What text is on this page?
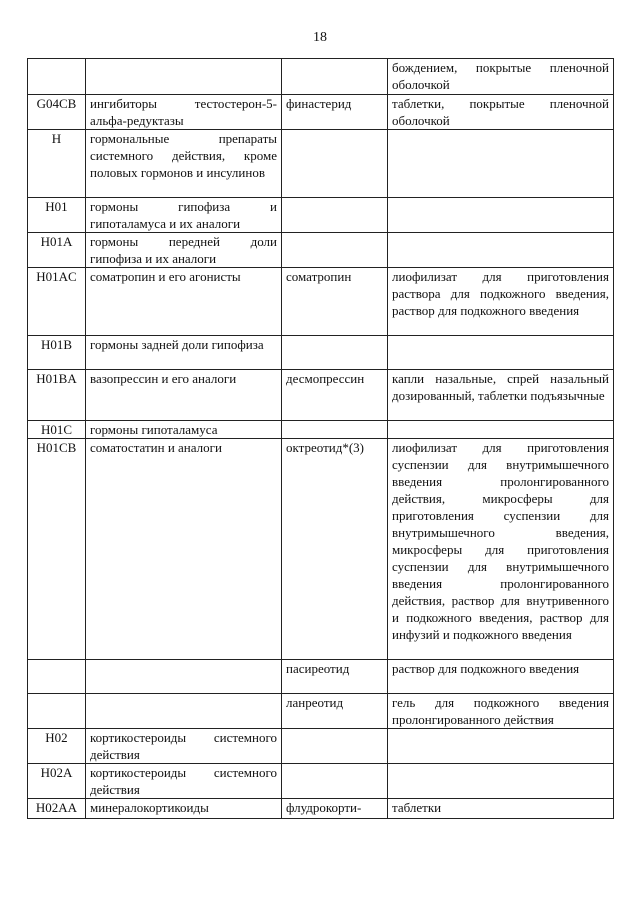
18
			бождением, покрытые пленочной оболочкой
G04CB	ингибиторы тестостерон-5-альфа-редуктазы	финастерид	таблетки, покрытые пленочной оболочкой
H	гормональные препараты системного действия, кроме половых гормонов и инсулинов		
H01	гормоны гипофиза и гипоталамуса и их аналоги		
H01A	гормоны передней доли гипофиза и их аналоги		
H01AC	соматропин и его агонисты	соматропин	лиофилизат для приготовления раствора для подкожного введения, раствор для подкожного введения
H01B	гормоны задней доли гипофиза		
H01BA	вазопрессин и его аналоги	десмопрессин	капли назальные, спрей назальный дозированный, таблетки подъязычные
H01C	гормоны гипоталамуса		
H01CB	соматостатин и аналоги	октреотид*(3)	лиофилизат для приготовления суспензии для внутримышечного введения пролонгированного действия, микросферы для приготовления суспензии для внутримышечного введения, микросферы для приготовления суспензии для внутримышечного введения пролонгированного действия, раствор для внутривенного и подкожного введения, раствор для инфузий и подкожного введения
		пасиреотид	раствор для подкожного введения
		ланреотид	гель для подкожного введения пролонгированного действия
H02	кортикостероиды системного действия		
H02A	кортикостероиды системного действия		
H02AA	минералокортикоиды	флудрокорти-	таблетки
